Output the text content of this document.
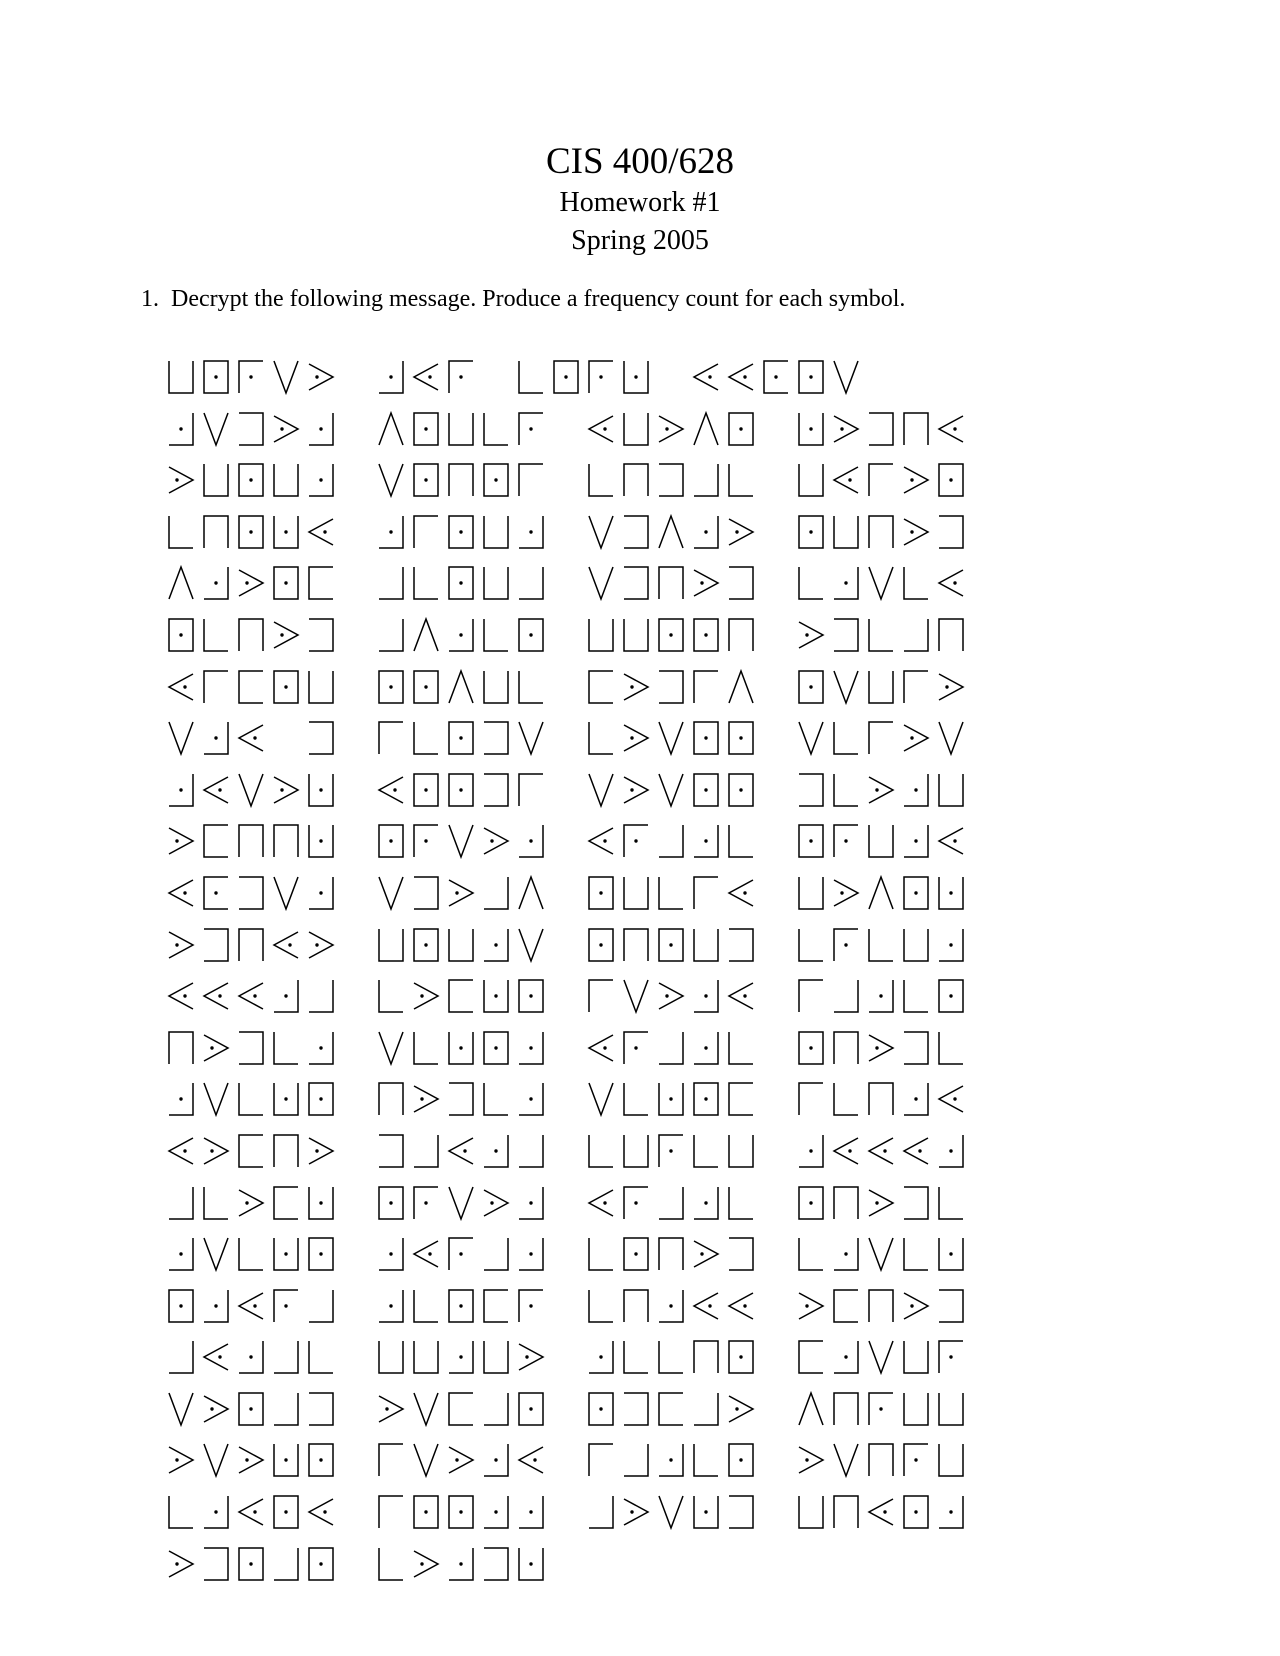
CIS 400/628
Homework #1
Spring 2005
1. Decrypt the following message. Produce a frequency count for each symbol.
